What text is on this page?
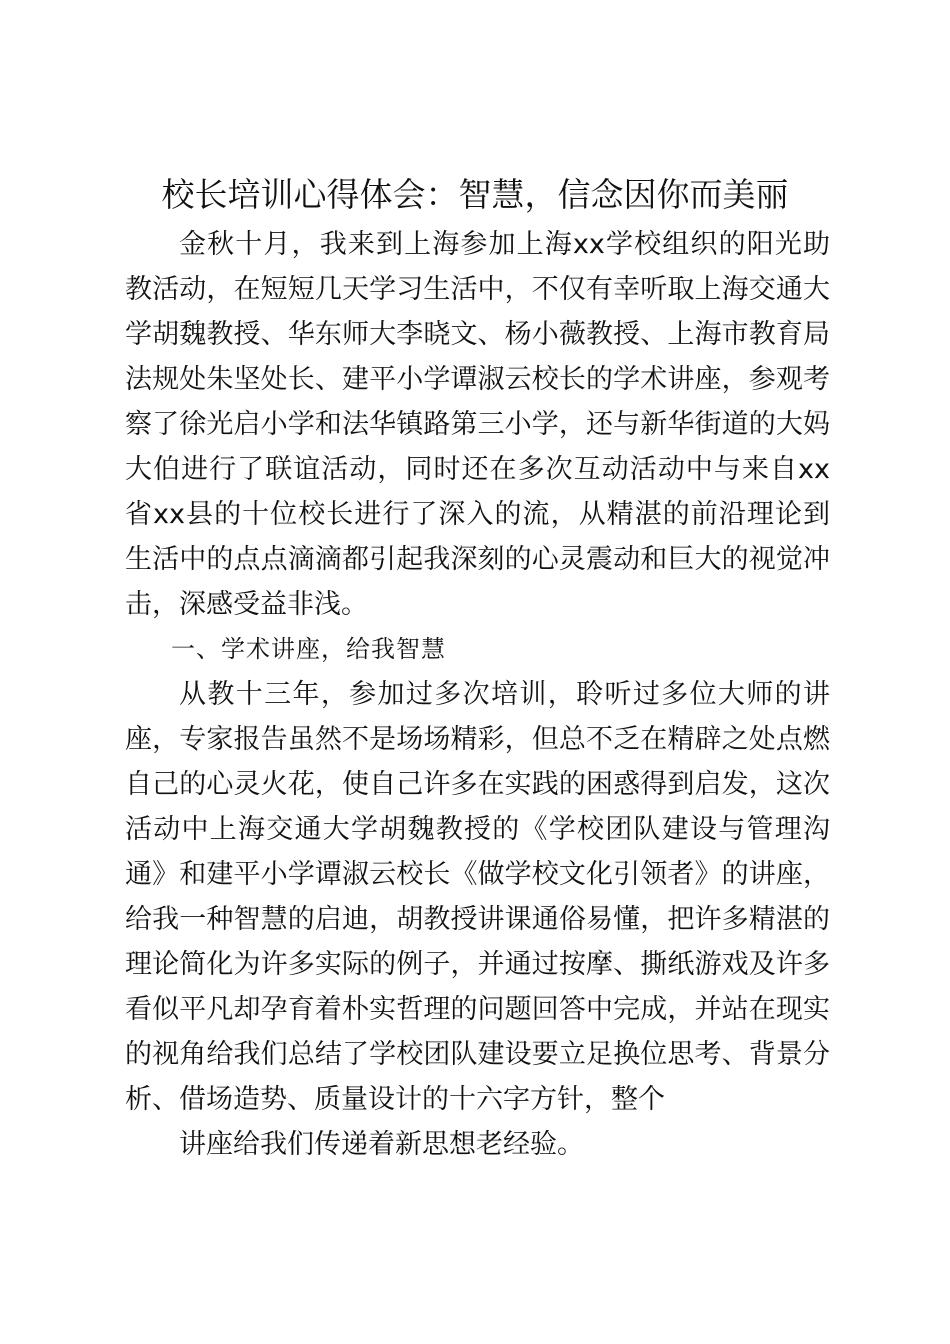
校长培训心得体会：智慧，信念因你而美丽

金秋十月，我来到上海参加上海xx学校组织的阳光助教活动，在短短几天学习生活中，不仅有幸听取上海交通大学胡魏教授、华东师大李晓文、杨小薇教授、上海市教育局法规处朱坚处长、建平小学谭淑云校长的学术讲座，参观考察了徐光启小学和法华镇路第三小学，还与新华街道的大妈大伯进行了联谊活动，同时还在多次互动活动中与来自xx省xx县的十位校长进行了深入的流，从精湛的前沿理论到生活中的点点滴滴都引起我深刻的心灵震动和巨大的视觉冲击，深感受益非浅。

一、学术讲座，给我智慧

从教十三年，参加过多次培训，聆听过多位大师的讲座，专家报告虽然不是场场精彩，但总不乏在精辟之处点燃自己的心灵火花，使自己许多在实践的困惑得到启发，这次活动中上海交通大学胡魏教授的《学校团队建设与管理沟通》和建平小学谭淑云校长《做学校文化引领者》的讲座，给我一种智慧的启迪，胡教授讲课通俗易懂，把许多精湛的理论简化为许多实际的例子，并通过按摩、撕纸游戏及许多看似平凡却孕育着朴实哲理的问题回答中完成，并站在现实的视角给我们总结了学校团队建设要立足换位思考、背景分析、借场造势、质量设计的十六字方针，整个

讲座给我们传递着新思想老经验。
